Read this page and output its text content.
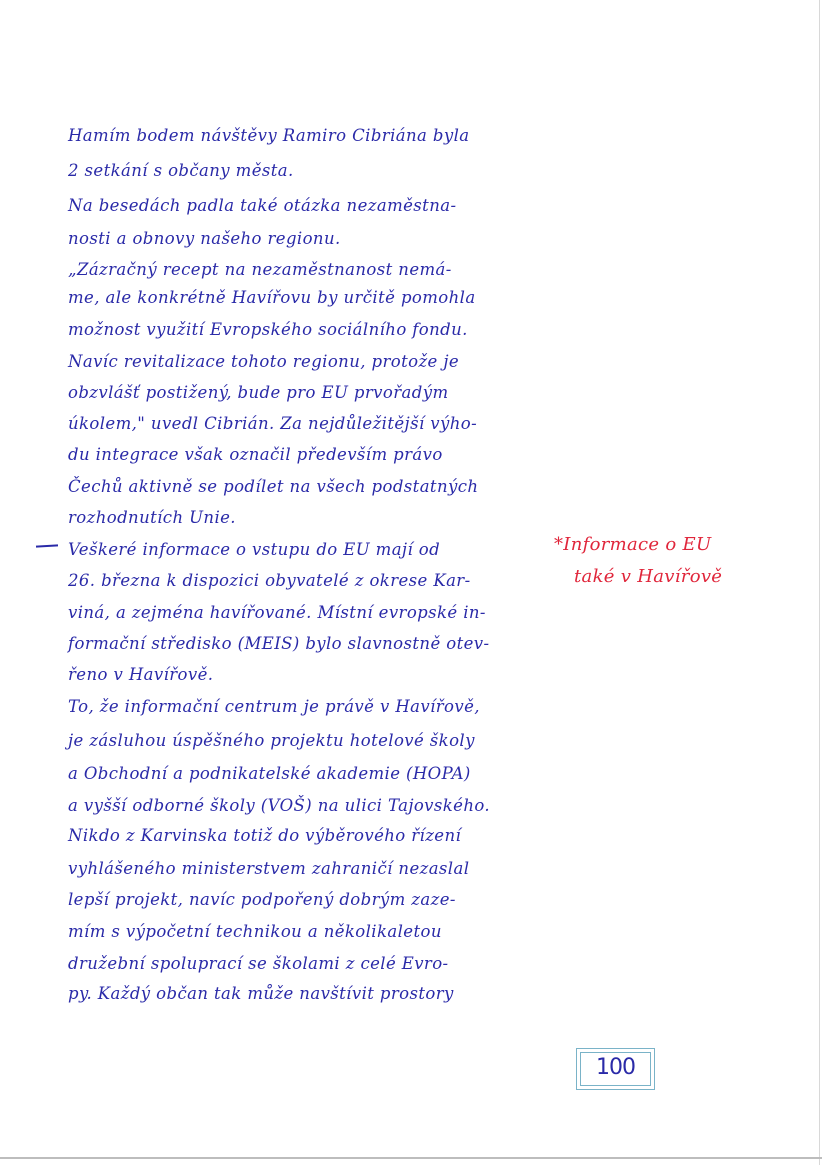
Hamím bodem návštěvy Ramiro Cibriána byla
2 setkání s občany města.
Na besedách padla také otázka nezaměstna-
nosti a obnovy našeho regionu.
„Zázračný recept na nezaměstnanost nemá-
me, ale konkrétně Havířovu by určitě pomohla
možnost využití Evropského sociálního fondu.
Navíc revitalizace tohoto regionu, protože je
obzvlášť postižený, bude pro EU prvořadým
úkolem," uvedl Cibrián. Za nejdůležitější výho-
du integrace však označil především právo
Čechů aktivně se podílet na všech podstatných
rozhodnutích Unie.
Veškeré informace o vstupu do EU mají od
26. března k dispozici obyvatelé z okrese Kar-
viná, a zejména havířované. Místní evropské in-
formační středisko (MEIS) bylo slavnostně otev-
řeno v Havířově.
To, že informační centrum je právě v Havířově,
je zásluhou úspěšného projektu hotelové školy
a Obchodní a podnikatelské akademie (HOPA)
a vyšší odborné školy (VOŠ) na ulici Tajovského.
Nikdo z Karvinska totiž do výběrového řízení
vyhlášeného ministerstvem zahraničí nezaslal
lepší projekt, navíc podpořený dobrým zaze-
mím s výpočetní technikou a několikaletou
družební spoluprací se školami z celé Evro-
py. Každý občan tak může navštívit prostory
*Informace o EU
také v Havířově
100
